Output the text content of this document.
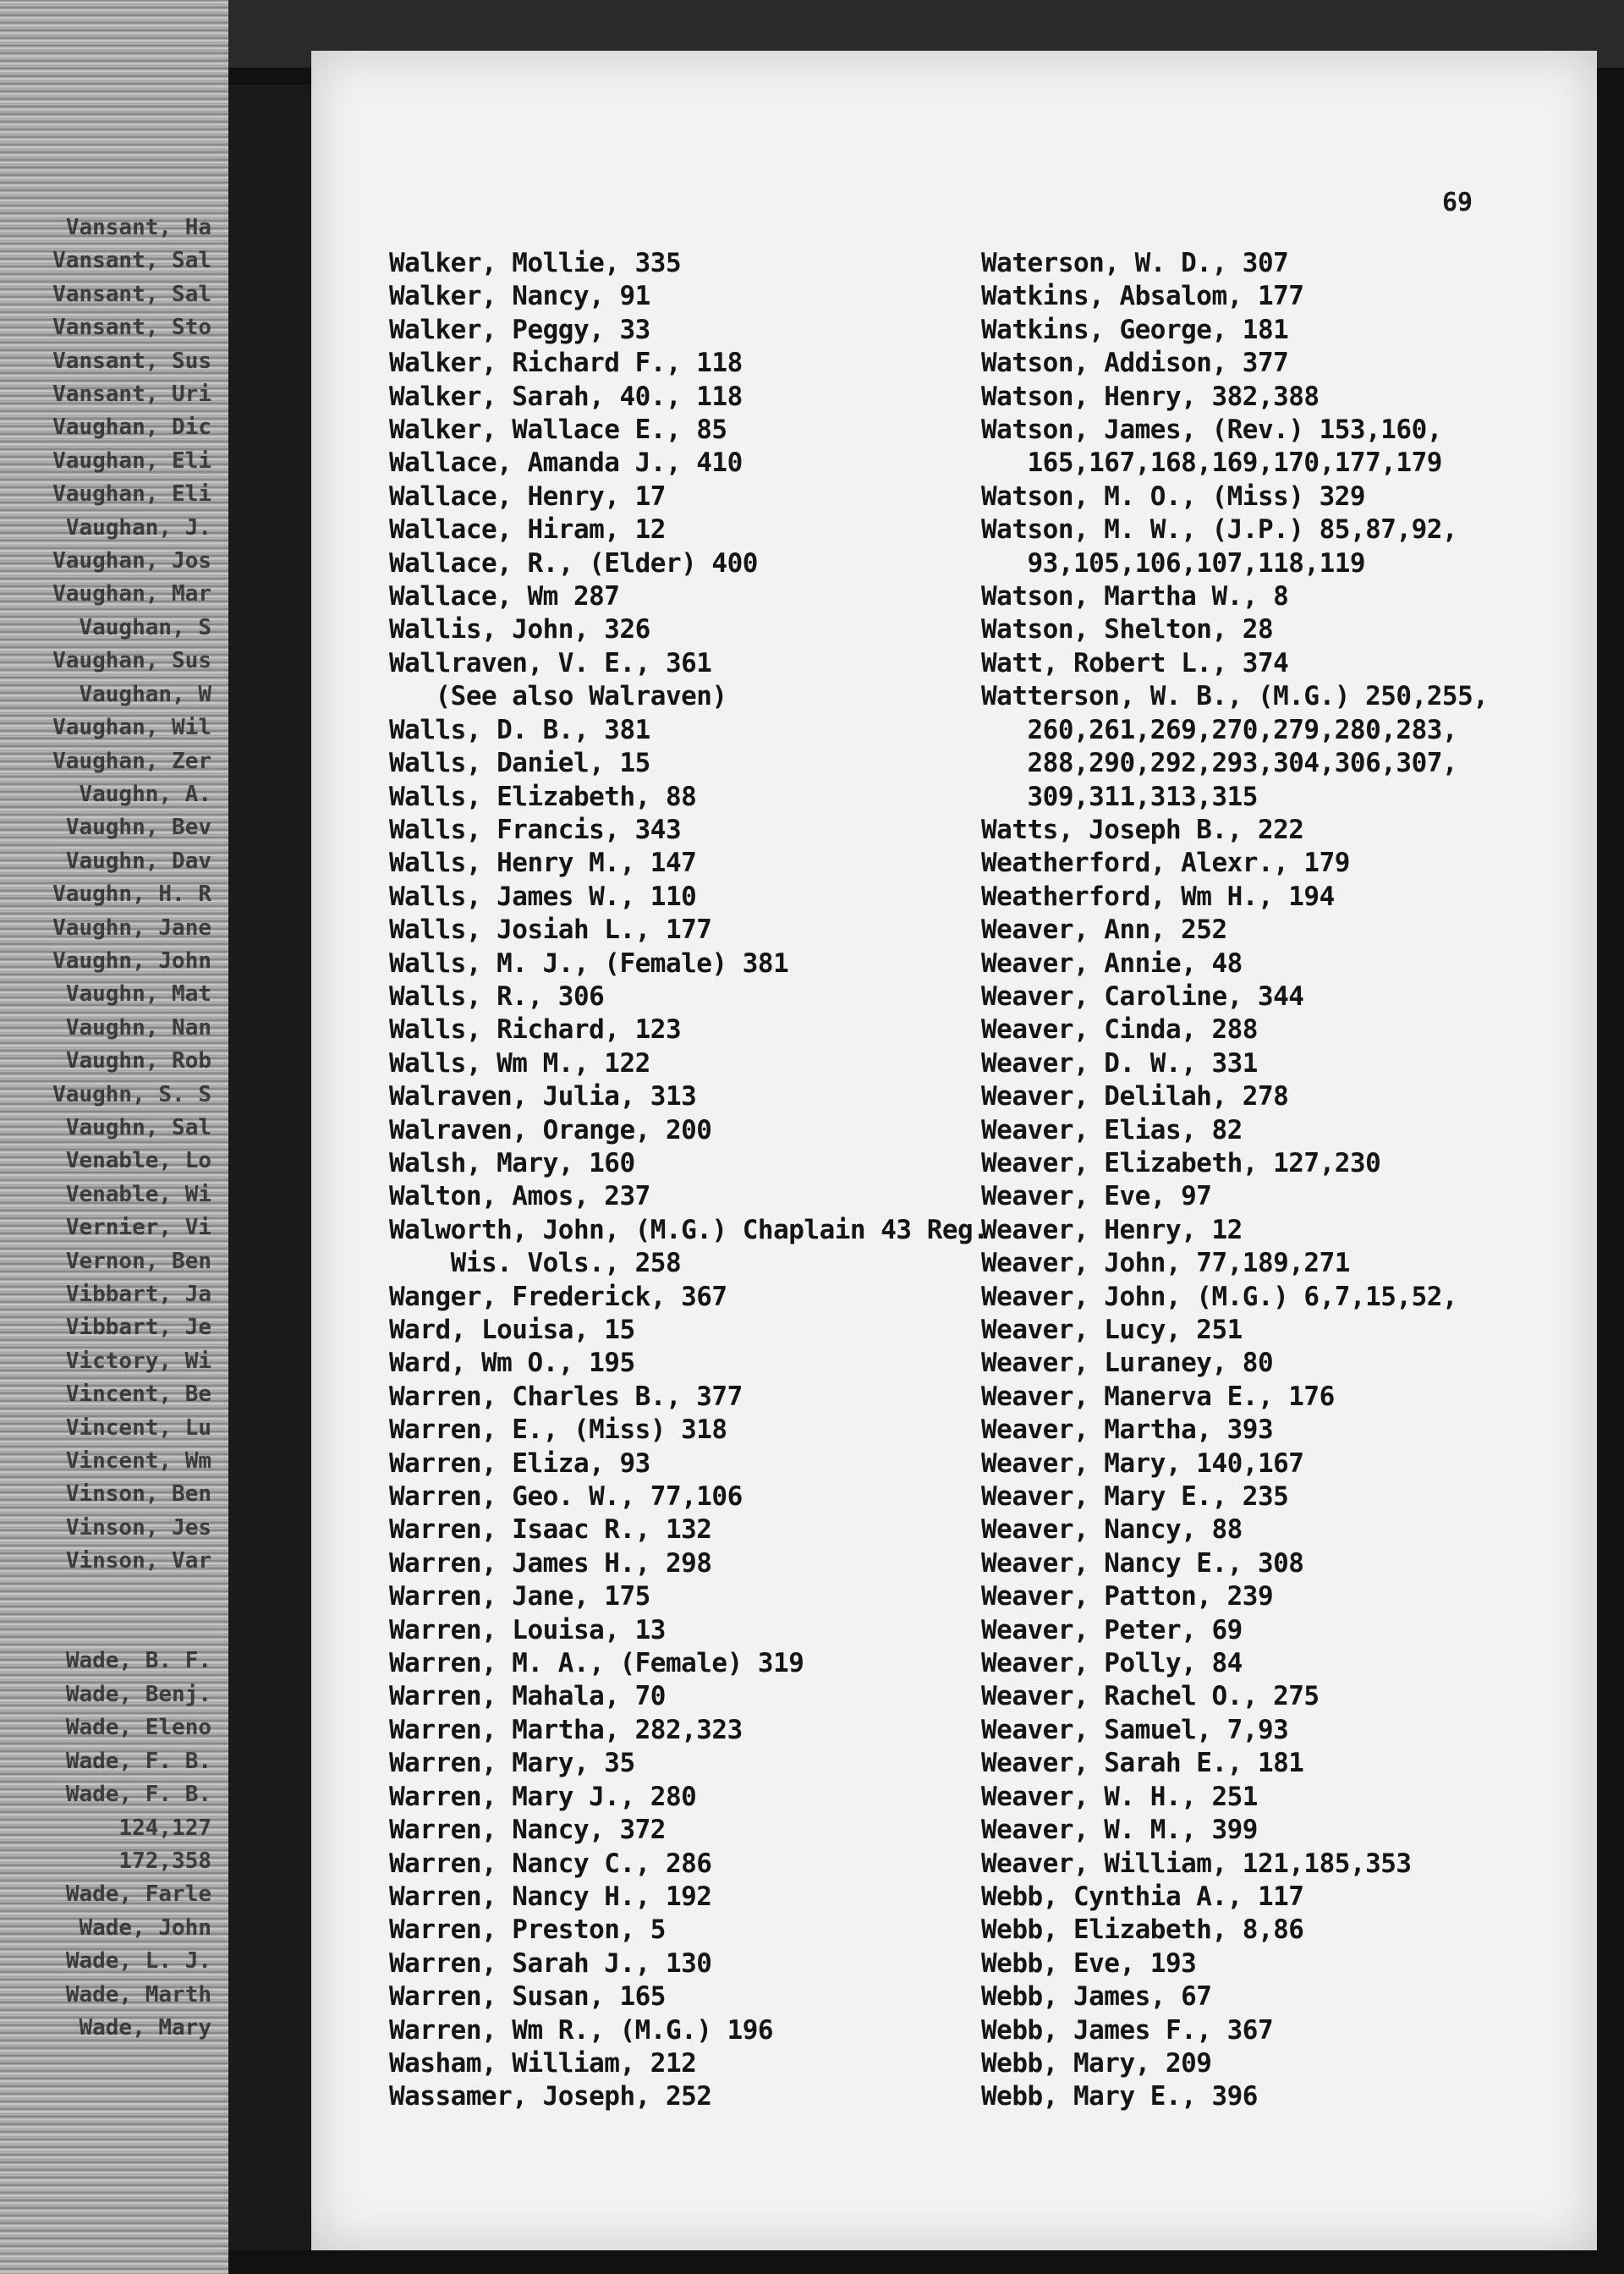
Vansant, Ha
Vansant, Sal
Vansant, Sal
Vansant, Sto
Vansant, Sus
Vansant, Uri
Vaughan, Dic
Vaughan, Eli
Vaughan, Eli
Vaughan, J.
Vaughan, Jos
Vaughan, Mar
Vaughan, S
Vaughan, Sus
Vaughan, W
Vaughan, Wil
Vaughan, Zer
Vaughn, A.
Vaughn, Bev
Vaughn, Dav
Vaughn, H. R
Vaughn, Jane
Vaughn, John
Vaughn, Mat
Vaughn, Nan
Vaughn, Rob
Vaughn, S. S
Vaughn, Sal
Venable, Lo
Venable, Wi
Vernier, Vi
Vernon, Ben
Vibbart, Ja
Vibbart, Je
Victory, Wi
Vincent, Be
Vincent, Lu
Vincent, Wm
Vinson, Ben
Vinson, Jes
Vinson, Var

Wade, B. F.
Wade, Benj.
Wade, Eleno
Wade, F. B.
Wade, F. B.
124,127
172,358
Wade, Farle
Wade, John
Wade, L. J.
Wade, Marth
Wade, Mary
69
Walker, Mollie, 335
Walker, Nancy, 91
Walker, Peggy, 33
Walker, Richard F., 118
Walker, Sarah, 40., 118
Walker, Wallace E., 85
Wallace, Amanda J., 410
Wallace, Henry, 17
Wallace, Hiram, 12
Wallace, R., (Elder) 400
Wallace, Wm 287
Wallis, John, 326
Wallraven, V. E., 361
(See also Walraven)
Walls, D. B., 381
Walls, Daniel, 15
Walls, Elizabeth, 88
Walls, Francis, 343
Walls, Henry M., 147
Walls, James W., 110
Walls, Josiah L., 177
Walls, M. J., (Female) 381
Walls, R., 306
Walls, Richard, 123
Walls, Wm M., 122
Walraven, Julia, 313
Walraven, Orange, 200
Walsh, Mary, 160
Walton, Amos, 237
Walworth, John, (M.G.) Chaplain 43 Reg.
Wis. Vols., 258
Wanger, Frederick, 367
Ward, Louisa, 15
Ward, Wm O., 195
Warren, Charles B., 377
Warren, E., (Miss) 318
Warren, Eliza, 93
Warren, Geo. W., 77,106
Warren, Isaac R., 132
Warren, James H., 298
Warren, Jane, 175
Warren, Louisa, 13
Warren, M. A., (Female) 319
Warren, Mahala, 70
Warren, Martha, 282,323
Warren, Mary, 35
Warren, Mary J., 280
Warren, Nancy, 372
Warren, Nancy C., 286
Warren, Nancy H., 192
Warren, Preston, 5
Warren, Sarah J., 130
Warren, Susan, 165
Warren, Wm R., (M.G.) 196
Washam, William, 212
Wassamer, Joseph, 252
Waterson, W. D., 307
Watkins, Absalom, 177
Watkins, George, 181
Watson, Addison, 377
Watson, Henry, 382,388
Watson, James, (Rev.) 153,160,
165,167,168,169,170,177,179
Watson, M. O., (Miss) 329
Watson, M. W., (J.P.) 85,87,92,
93,105,106,107,118,119
Watson, Martha W., 8
Watson, Shelton, 28
Watt, Robert L., 374
Watterson, W. B., (M.G.) 250,255,
260,261,269,270,279,280,283,
288,290,292,293,304,306,307,
309,311,313,315
Watts, Joseph B., 222
Weatherford, Alexr., 179
Weatherford, Wm H., 194
Weaver, Ann, 252
Weaver, Annie, 48
Weaver, Caroline, 344
Weaver, Cinda, 288
Weaver, D. W., 331
Weaver, Delilah, 278
Weaver, Elias, 82
Weaver, Elizabeth, 127,230
Weaver, Eve, 97
Weaver, Henry, 12
Weaver, John, 77,189,271
Weaver, John, (M.G.) 6,7,15,52,
Weaver, Lucy, 251
Weaver, Luraney, 80
Weaver, Manerva E., 176
Weaver, Martha, 393
Weaver, Mary, 140,167
Weaver, Mary E., 235
Weaver, Nancy, 88
Weaver, Nancy E., 308
Weaver, Patton, 239
Weaver, Peter, 69
Weaver, Polly, 84
Weaver, Rachel O., 275
Weaver, Samuel, 7,93
Weaver, Sarah E., 181
Weaver, W. H., 251
Weaver, W. M., 399
Weaver, William, 121,185,353
Webb, Cynthia A., 117
Webb, Elizabeth, 8,86
Webb, Eve, 193
Webb, James, 67
Webb, James F., 367
Webb, Mary, 209
Webb, Mary E., 396
